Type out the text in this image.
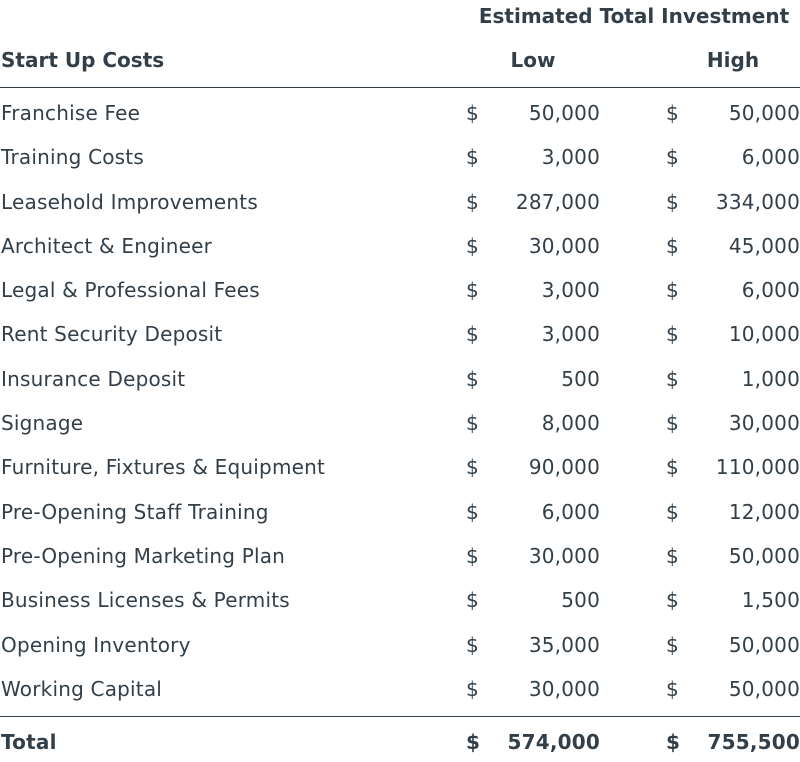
Estimated Total Investment
Start Up Costs	Low	High
Franchise Fee	$	50,000	$	50,000
Training Costs	$	3,000	$	6,000
Leasehold Improvements	$	287,000	$	334,000
Architect & Engineer	$	30,000	$	45,000
Legal & Professional Fees	$	3,000	$	6,000
Rent Security Deposit	$	3,000	$	10,000
Insurance Deposit	$	500	$	1,000
Signage	$	8,000	$	30,000
Furniture, Fixtures & Equipment	$	90,000	$	110,000
Pre-Opening Staff Training	$	6,000	$	12,000
Pre-Opening Marketing Plan	$	30,000	$	50,000
Business Licenses & Permits	$	500	$	1,500
Opening Inventory	$	35,000	$	50,000
Working Capital	$	30,000	$	50,000
Total	$ 574,000	$ 755,500
